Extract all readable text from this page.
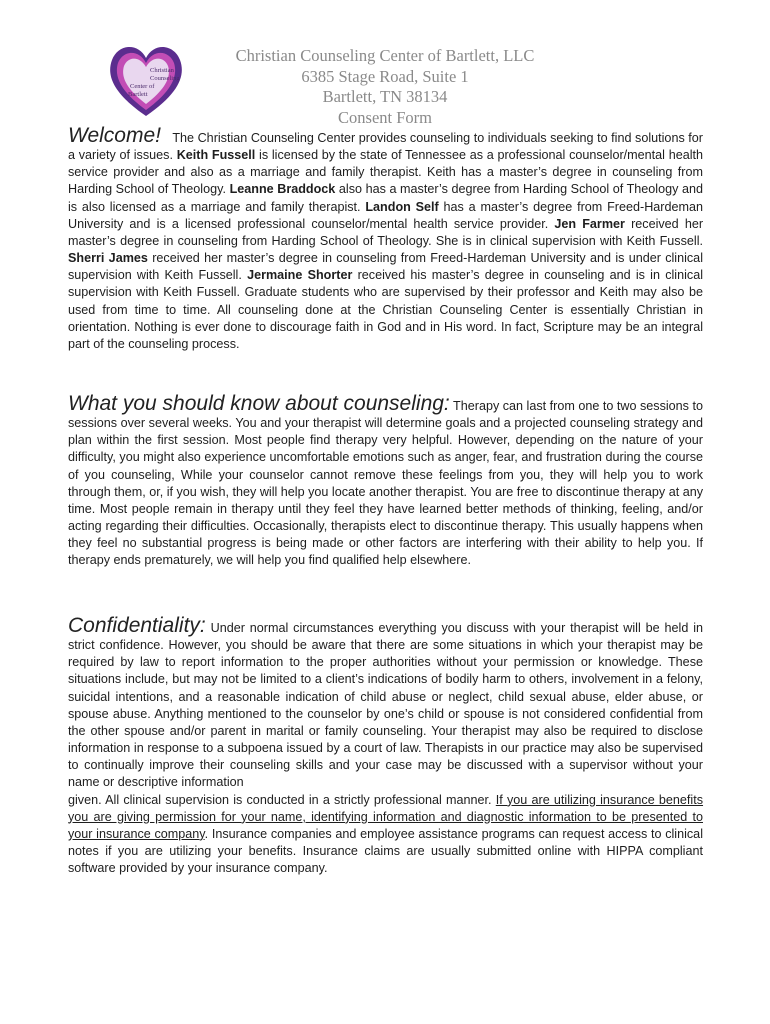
Christian
Counseling
Center of
Bartlett
Christian Counseling Center of Bartlett, LLC
6385 Stage Road, Suite 1
Bartlett, TN 38134
Consent Form

Welcome! The Christian Counseling Center provides counseling to individuals seeking to find solutions for a variety of issues. Keith Fussell is licensed by the state of Tennessee as a professional counselor/mental health service provider and also as a marriage and family therapist. Keith has a master’s degree in counseling from Harding School of Theology. Leanne Braddock also has a master’s degree from Harding School of Theology and is also licensed as a marriage and family therapist. Landon Self has a master’s degree from Freed-Hardeman University and is a licensed professional counselor/mental health service provider. Jen Farmer received her master’s degree in counseling from Harding School of Theology. She is in clinical supervision with Keith Fussell. Sherri James received her master’s degree in counseling from Freed-Hardeman University and is under clinical supervision with Keith Fussell. Jermaine Shorter received his master’s degree in counseling and is in clinical supervision with Keith Fussell. Graduate students who are supervised by their professor and Keith may also be used from time to time. All counseling done at the Christian Counseling Center is essentially Christian in orientation. Nothing is ever done to discourage faith in God and in His word. In fact, Scripture may be an integral part of the counseling process.

What you should know about counseling: Therapy can last from one to two sessions to sessions over several weeks. You and your therapist will determine goals and a projected counseling strategy and plan within the first session. Most people find therapy very helpful. However, depending on the nature of your difficulty, you might also experience uncomfortable emotions such as anger, fear, and frustration during the course of you counseling, While your counselor cannot remove these feelings from you, they will help you to work through them, or, if you wish, they will help you locate another therapist. You are free to discontinue therapy at any time. Most people remain in therapy until they feel they have learned better methods of thinking, feeling, and/or acting regarding their difficulties. Occasionally, therapists elect to discontinue therapy. This usually happens when they feel no substantial progress is being made or other factors are interfering with their ability to help you. If therapy ends prematurely, we will help you find qualified help elsewhere.

Confidentiality: Under normal circumstances everything you discuss with your therapist will be held in strict confidence. However, you should be aware that there are some situations in which your therapist may be required by law to report information to the proper authorities without your permission or knowledge. These situations include, but may not be limited to a client’s indications of bodily harm to others, involvement in a felony, suicidal intentions, and a reasonable indication of child abuse or neglect, child sexual abuse, elder abuse, or spouse abuse. Anything mentioned to the counselor by one’s child or spouse is not considered confidential from the other spouse and/or parent in marital or family counseling. Your therapist may also be required to disclose information in response to a subpoena issued by a court of law. Therapists in our practice may also be supervised to continually improve their counseling skills and your case may be discussed with a supervisor without your name or descriptive information

given. All clinical supervision is conducted in a strictly professional manner. If you are utilizing insurance benefits you are giving permission for your name, identifying information and diagnostic information to be presented to your insurance company. Insurance companies and employee assistance programs can request access to clinical notes if you are utilizing your benefits. Insurance claims are usually submitted online with HIPPA compliant software provided by your insurance company.
